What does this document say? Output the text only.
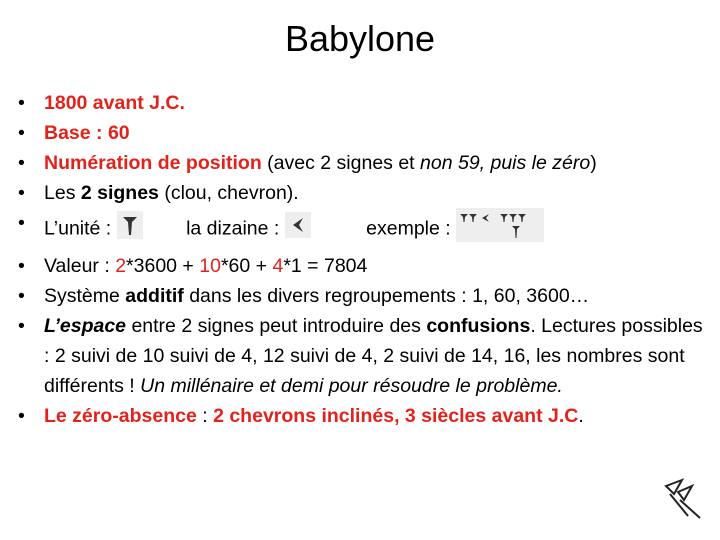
Babylone
• 1800 avant J.C.
• Base : 60
• Numération de position (avec 2 signes et non 59, puis le zéro)
• Les 2 signes (clou, chevron).
• L’unité :	la dizaine :	exemple :
• Valeur : 2*3600 + 10*60 + 4*1 = 7804
• Système additif dans les divers regroupements : 1, 60, 3600…
• L’espace entre 2 signes peut introduire des confusions. Lectures possibles : 2 suivi de 10 suivi de 4, 12 suivi de 4, 2 suivi de 14, 16, les nombres sont différents ! Un millénaire et demi pour résoudre le problème.
• Le zéro-absence : 2 chevrons inclinés, 3 siècles avant J.C.
